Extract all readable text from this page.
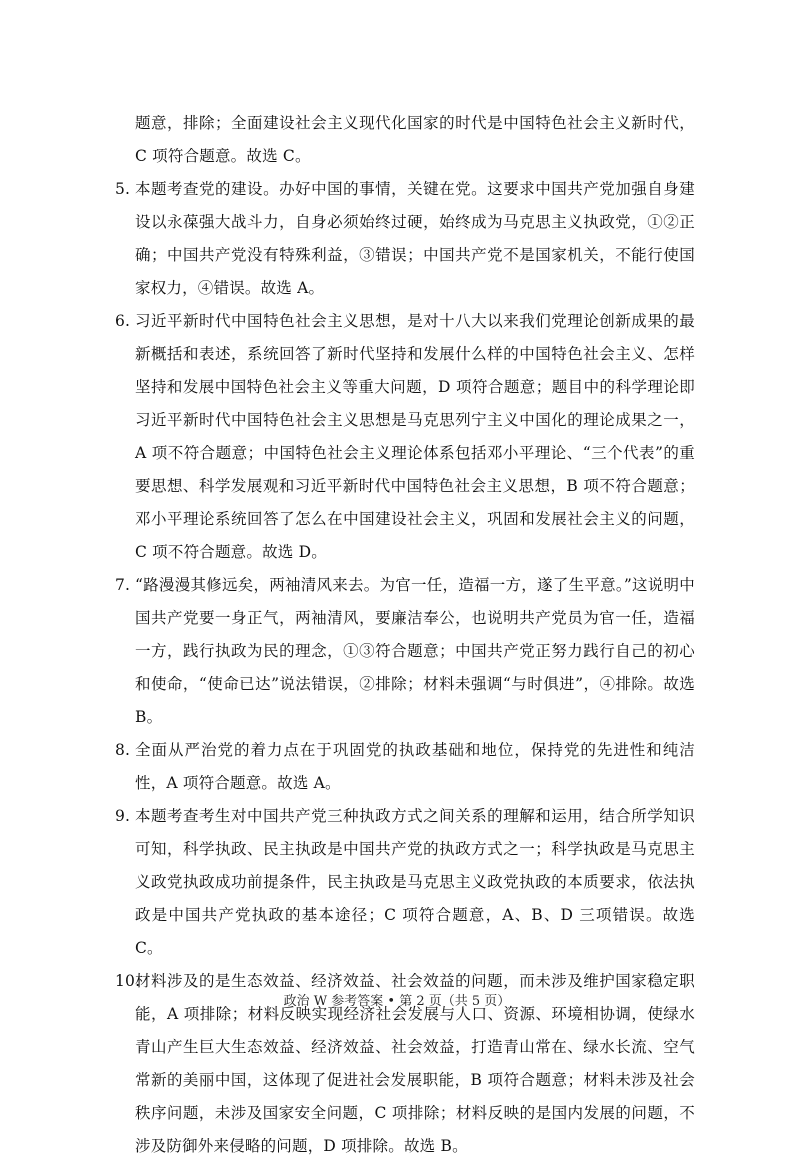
题意，排除；全面建设社会主义现代化国家的时代是中国特色社会主义新时代，C 项符合题意。故选 C。
5. 本题考查党的建设。办好中国的事情，关键在党。这要求中国共产党加强自身建设以永葆强大战斗力，自身必须始终过硬，始终成为马克思主义执政党，①②正确；中国共产党没有特殊利益，③错误；中国共产党不是国家机关，不能行使国家权力，④错误。故选 A。
6. 习近平新时代中国特色社会主义思想，是对十八大以来我们党理论创新成果的最新概括和表述，系统回答了新时代坚持和发展什么样的中国特色社会主义、怎样坚持和发展中国特色社会主义等重大问题，D 项符合题意；题目中的科学理论即习近平新时代中国特色社会主义思想是马克思列宁主义中国化的理论成果之一，A 项不符合题意；中国特色社会主义理论体系包括邓小平理论、“三个代表”的重要思想、科学发展观和习近平新时代中国特色社会主义思想，B 项不符合题意；邓小平理论系统回答了怎么在中国建设社会主义，巩固和发展社会主义的问题，C 项不符合题意。故选 D。
7. “路漫漫其修远矣，两袖清风来去。为官一任，造福一方，遂了生平意。”这说明中国共产党要一身正气，两袖清风，要廉洁奉公，也说明共产党员为官一任，造福一方，践行执政为民的理念，①③符合题意；中国共产党正努力践行自己的初心和使命，“使命已达”说法错误，②排除；材料未强调“与时俱进”，④排除。故选 B。
8. 全面从严治党的着力点在于巩固党的执政基础和地位，保持党的先进性和纯洁性，A 项符合题意。故选 A。
9. 本题考查考生对中国共产党三种执政方式之间关系的理解和运用，结合所学知识可知，科学执政、民主执政是中国共产党的执政方式之一；科学执政是马克思主义政党执政成功前提条件，民主执政是马克思主义政党执政的本质要求，依法执政是中国共产党执政的基本途径；C 项符合题意，A、B、D 三项错误。故选 C。
10.
材料涉及的是生态效益、经济效益、社会效益的问题，而未涉及维护国家稳定职能，A 项排除；材料反映实现经济社会发展与人口、资源、环境相协调，使绿水青山产生巨大生态效益、经济效益、社会效益，打造青山常在、绿水长流、空气常新的美丽中国，这体现了促进社会发展职能，B 项符合题意；材料未涉及社会秩序问题，未涉及国家安全问题，C 项排除；材料反映的是国内发展的问题，不涉及防御外来侵略的问题，D 项排除。故选 B。
政治 W 参考答案 • 第 2 页（共 5 页）
